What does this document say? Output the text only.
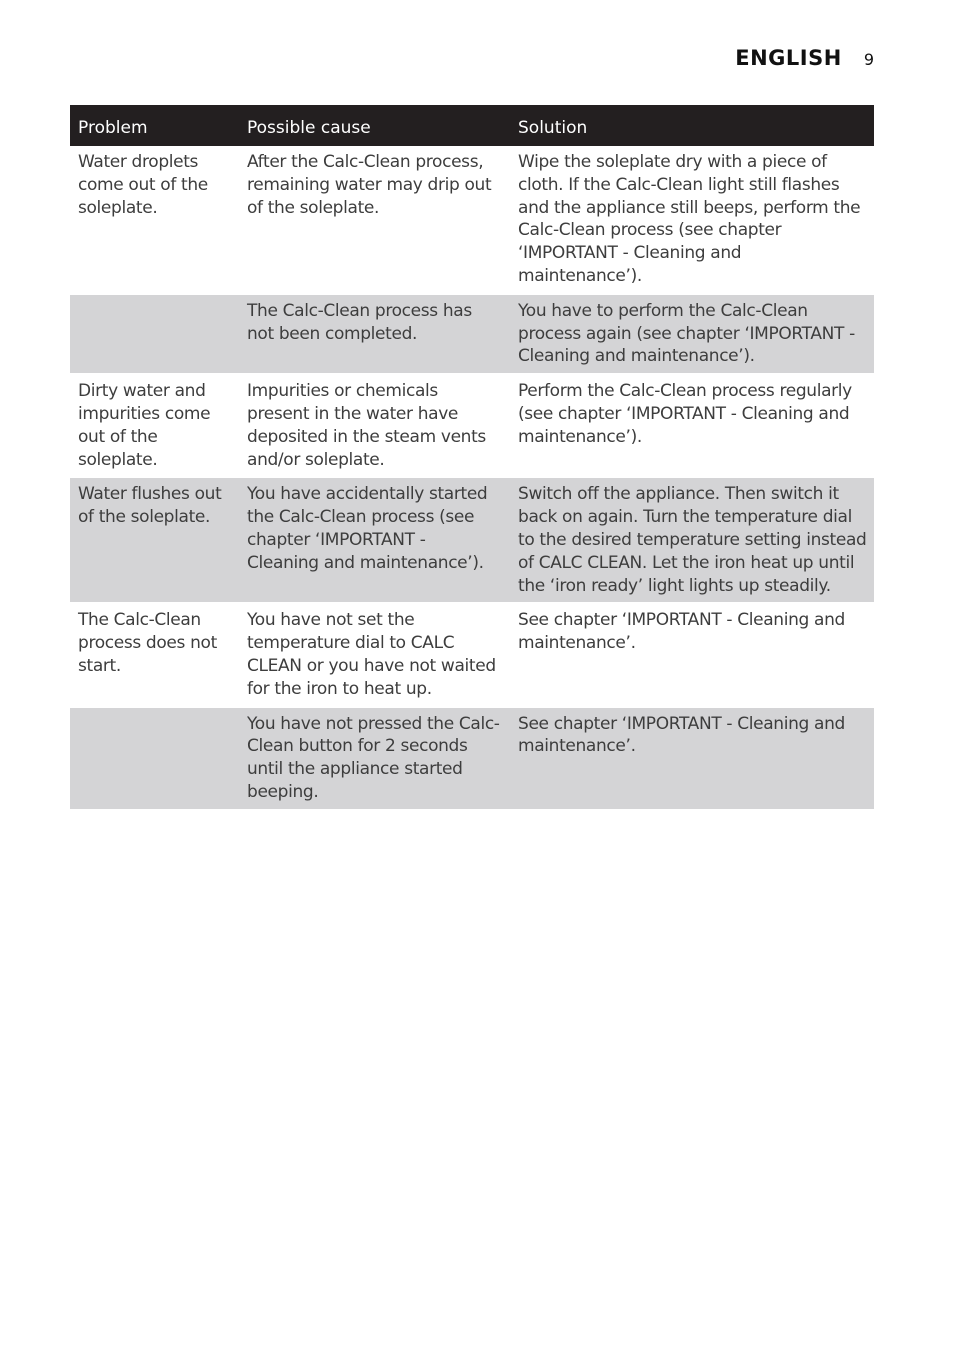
ENGLISH 9
Problem	Possible cause	Solution
Water droplets come out of the soleplate.	After the Calc-Clean process, remaining water may drip out of the soleplate.	Wipe the soleplate dry with a piece of cloth. If the Calc-Clean light still flashes and the appliance still beeps, perform the Calc-Clean process (see chapter ‘IMPORTANT - Cleaning and maintenance’).
	The Calc-Clean process has not been completed.	You have to perform the Calc-Clean process again (see chapter ‘IMPORTANT - Cleaning and maintenance’).
Dirty water and impurities come out of the soleplate.	Impurities or chemicals present in the water have deposited in the steam vents and/or soleplate.	Perform the Calc-Clean process regularly (see chapter ‘IMPORTANT - Cleaning and maintenance’).
Water flushes out of the soleplate.	You have accidentally started the Calc-Clean process (see chapter ‘IMPORTANT - Cleaning and maintenance’).	Switch off the appliance. Then switch it back on again. Turn the temperature dial to the desired temperature setting instead of CALC CLEAN. Let the iron heat up until the ‘iron ready’ light lights up steadily.
The Calc-Clean process does not start.	You have not set the temperature dial to CALC CLEAN or you have not waited for the iron to heat up.	See chapter ‘IMPORTANT - Cleaning and maintenance’.
	You have not pressed the Calc-Clean button for 2 seconds until the appliance started beeping.	See chapter ‘IMPORTANT - Cleaning and maintenance’.
